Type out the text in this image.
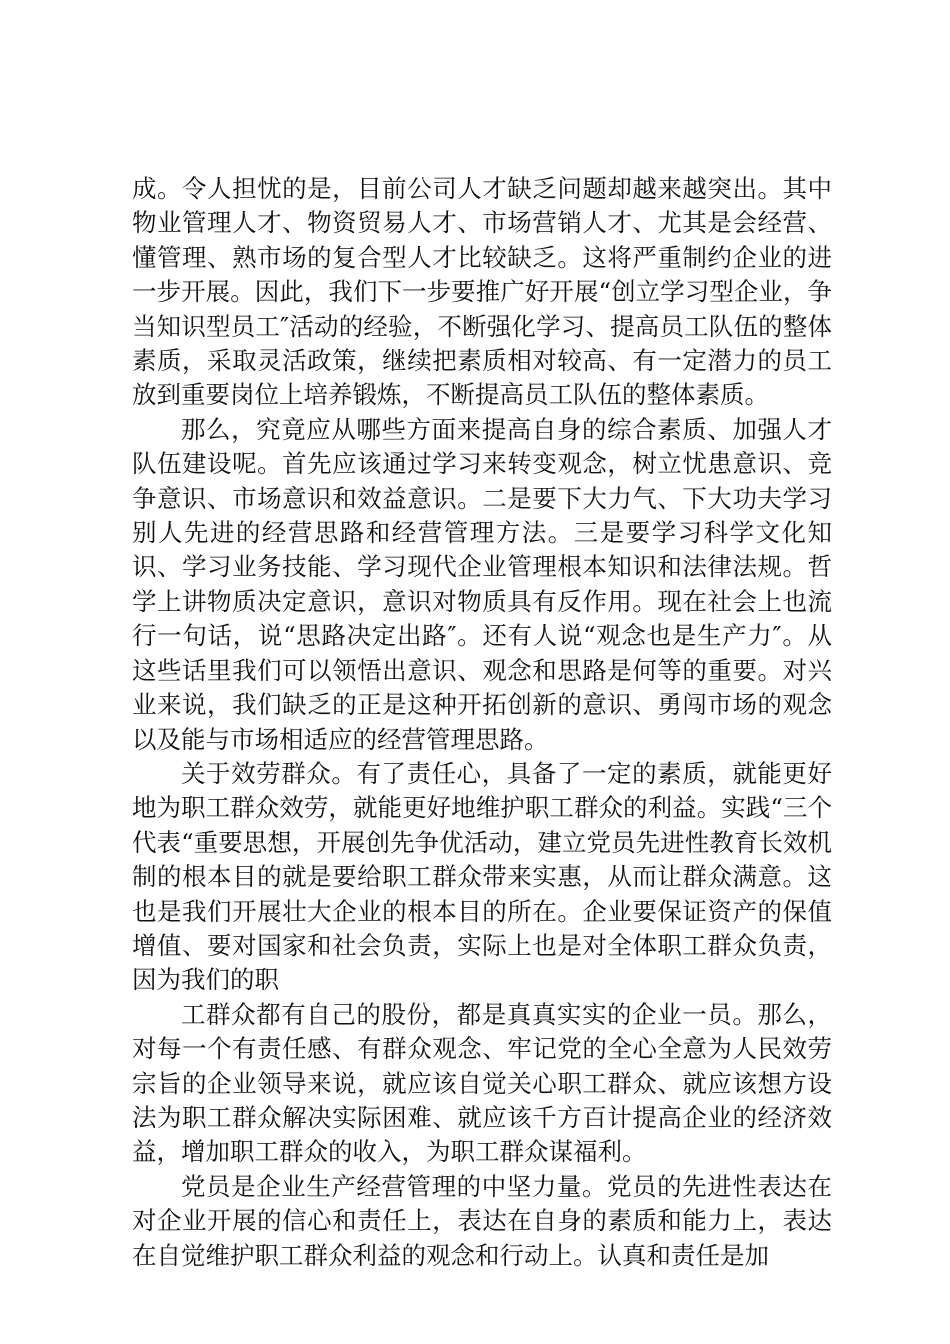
成。令人担忧的是，目前公司人才缺乏问题却越来越突出。其中物业管理人才、物资贸易人才、市场营销人才、尤其是会经营、懂管理、熟市场的复合型人才比较缺乏。这将严重制约企业的进一步开展。因此，我们下一步要推广好开展“创立学习型企业，争当知识型员工″活动的经验，不断强化学习、提高员工队伍的整体素质，采取灵活政策，继续把素质相对较高、有一定潜力的员工放到重要岗位上培养锻炼，不断提高员工队伍的整体素质。

那么，究竟应从哪些方面来提高自身的综合素质、加强人才队伍建设呢。首先应该通过学习来转变观念，树立忧患意识、竞争意识、市场意识和效益意识。二是要下大力气、下大功夫学习别人先进的经营思路和经营管理方法。三是要学习科学文化知识、学习业务技能、学习现代企业管理根本知识和法律法规。哲学上讲物质决定意识，意识对物质具有反作用。现在社会上也流行一句话，说“思路决定出路″。还有人说“观念也是生产力″。从这些话里我们可以领悟出意识、观念和思路是何等的重要。对兴业来说，我们缺乏的正是这种开拓创新的意识、勇闯市场的观念以及能与市场相适应的经营管理思路。

关于效劳群众。有了责任心，具备了一定的素质，就能更好地为职工群众效劳，就能更好地维护职工群众的利益。实践“三个代表“重要思想，开展创先争优活动，建立党员先进性教育长效机制的根本目的就是要给职工群众带来实惠，从而让群众满意。这也是我们开展壮大企业的根本目的所在。企业要保证资产的保值增值、要对国家和社会负责，实际上也是对全体职工群众负责，因为我们的职

工群众都有自己的股份，都是真真实实的企业一员。那么，对每一个有责任感、有群众观念、牢记党的全心全意为人民效劳宗旨的企业领导来说，就应该自觉关心职工群众、就应该想方设法为职工群众解决实际困难、就应该千方百计提高企业的经济效益，增加职工群众的收入，为职工群众谋福利。

党员是企业生产经营管理的中坚力量。党员的先进性表达在对企业开展的信心和责任上，表达在自身的素质和能力上，表达在自觉维护职工群众利益的观念和行动上。认真和责任是加
